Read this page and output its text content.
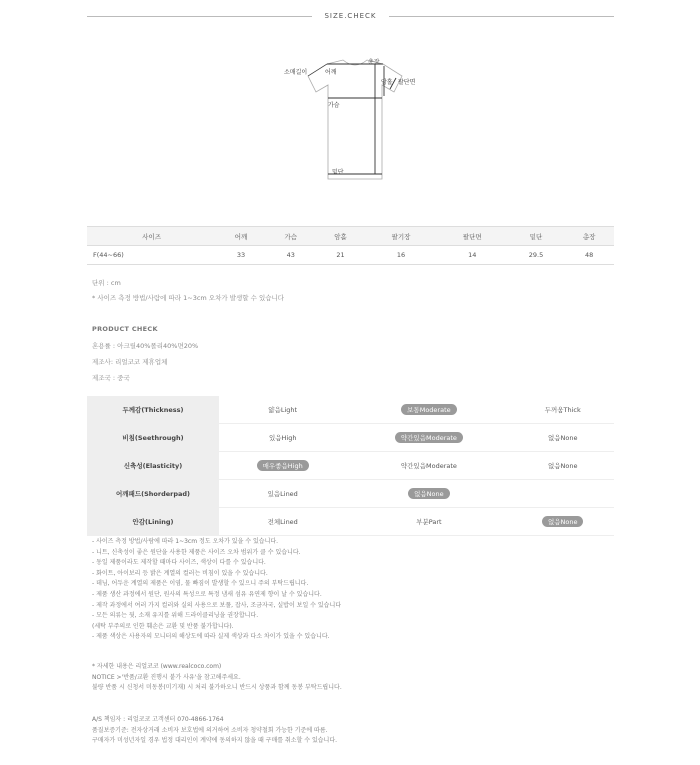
SIZE.CHECK
소매길이	어깨
총장
암홀 팔단면
가슴
밑단
사이즈	어깨	가슴	암홀	팔기장	팔단면	밑단	총장
F(44~66)	33	43	21	16	14	29.5	48
단위 : cm
* 사이즈 측정 방법/사람에 따라 1~3cm 오차가 발생할 수 있습니다
PRODUCT CHECK
혼용률 : 아크릴40%폴리40%면20%
제조사: 리얼코코 제휴업체
제조국 : 중국
두께감(Thickness)	얇음Light	보통Moderate	두꺼움Thick
비침(Seethrough)	있음High	약간있음Moderate	없음None
신축성(Elasticity)	매우좋음High	약간있음Moderate	없음None
어깨패드(Shorderpad)	있음Lined	없음None	
안감(Lining)	전체Lined	부분Part	없음None
- 사이즈 측정 방법/사람에 따라 1~3cm 정도 오차가 있을 수 있습니다.
- 니트, 신축성이 좋은 원단을 사용한 제품은 사이즈 오차 범위가 클 수 있습니다.
- 동일 제품이라도 제작할 때마다 사이즈, 색상이 다를 수 있습니다.
- 화이트, 아이보리 등 밝은 계열의 컬러는 비침이 있을 수 있습니다.
- 데님, 어두운 계열의 제품은 이염, 물 빠짐이 발생할 수 있으니 주의 부탁드립니다.
- 제품 생산 과정에서 원단, 원사의 특성으로 특정 냄새 섬유 유연제 향이 날 수 있습니다.
- 제작 과정에서 여러 가지 컬러와 실의 사용으로 보풀, 잡사, 조금자국, 실밥이 보일 수 있습니다
- 모든 의류는 뒷, 소재 유지를 위해 드라이클리닝을 권장합니다.
(세탁 부주의로 인한 훼손은 교환 및 반품 불가합니다).
- 제품 색상은 사용자의 모니터의 해상도에 따라 실제 색상과 다소 차이가 있을 수 있습니다.
* 자세한 내용은 리얼코코 (www.realcoco.com)
NOTICE >'반품/교환 진행시 붙가 사유'을 참고해주세요.
불량 반품 시 신청서 미동봉(미기재) 시 처리 불가하오니 반드시 상품과 함께 동봉 부탁드립니다.
A/S 책임자 : 리얼코코 고객센터 070-4866-1764
품질보증기준: 전자상거래 소비자 보호법에 의거하여 소비자 청약철회 가능한 기준에 따름.
구매자가 미성년자일 경우 법정 대리인이 계약에 동의하지 않을 때 구매를 취소할 수 있습니다.
